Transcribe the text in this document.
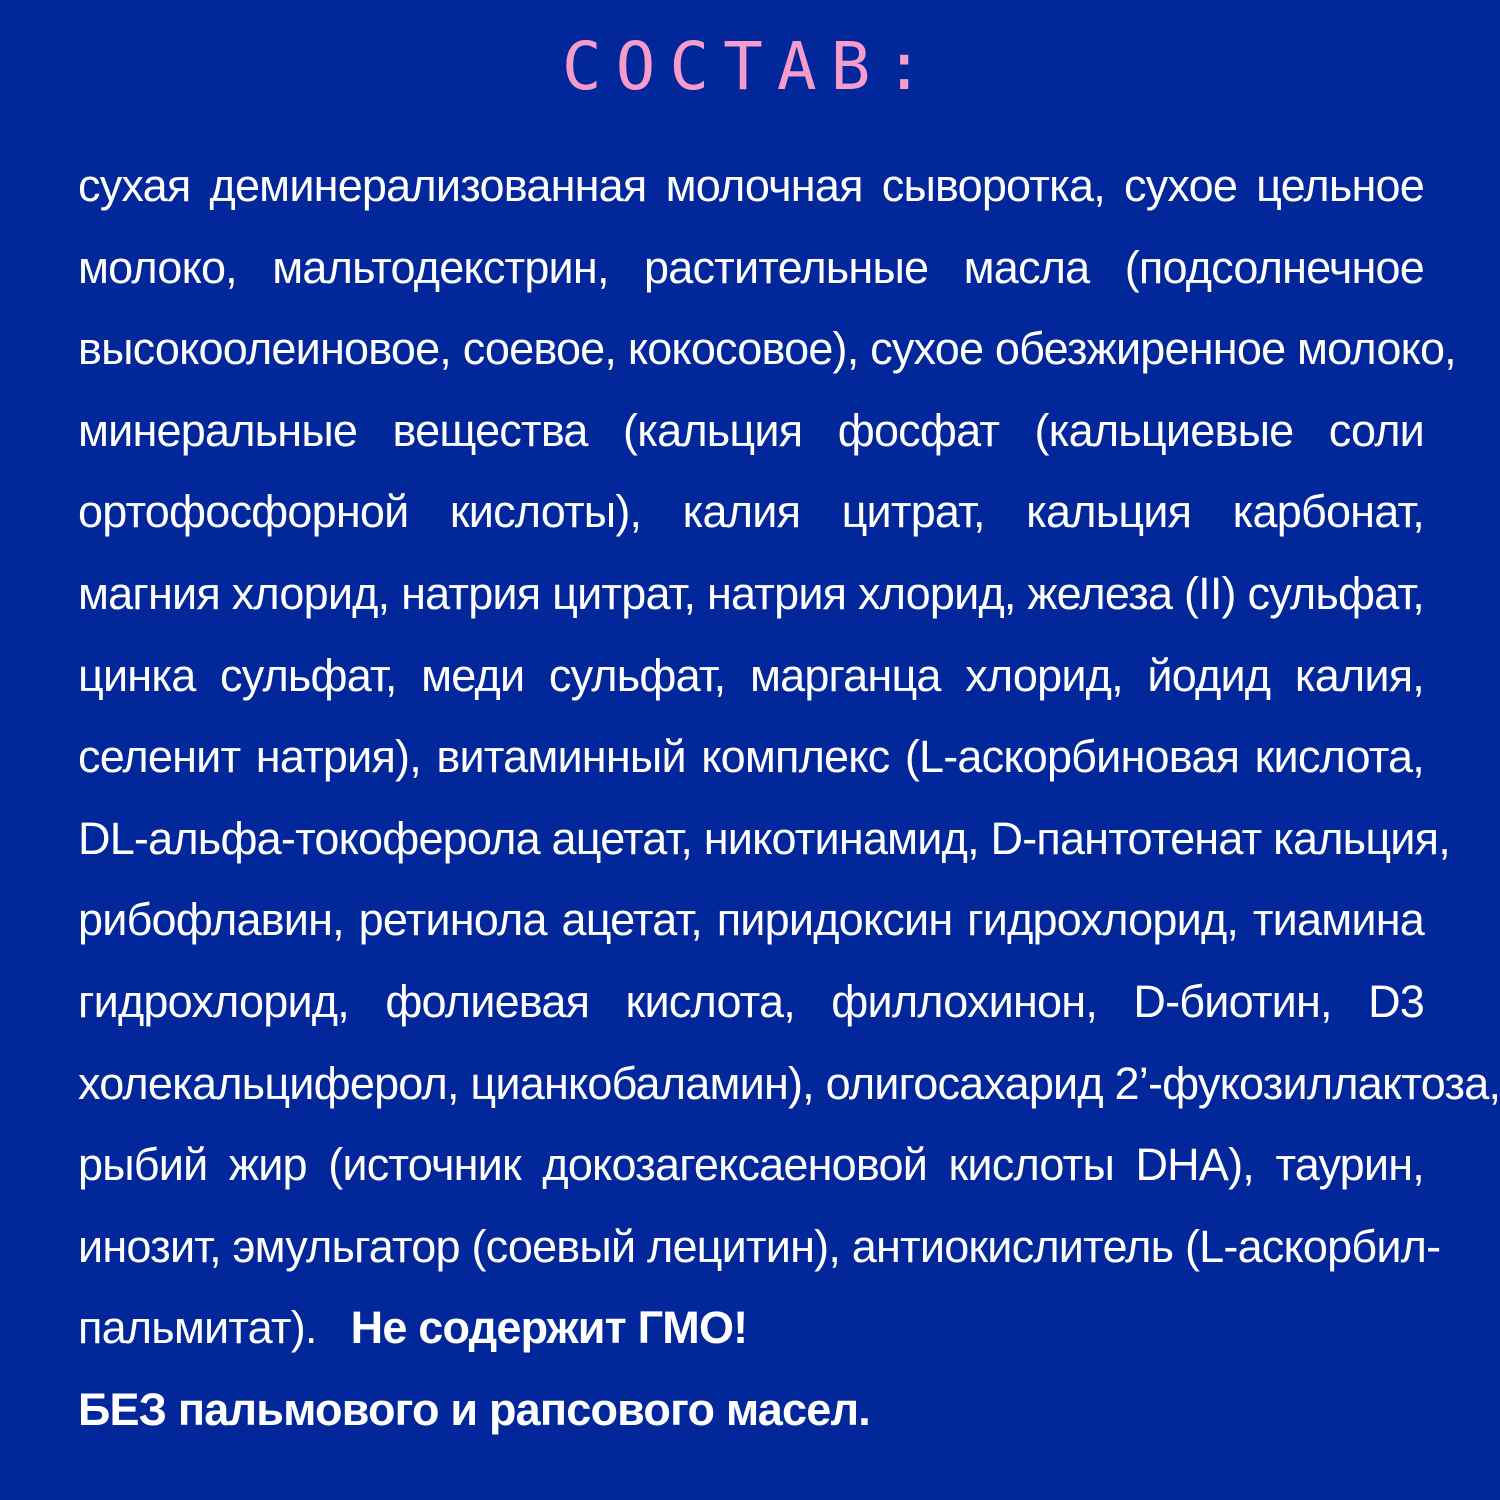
СОСТАВ:
сухая деминерализованная молочная сыворотка, сухое цельное
молоко, мальтодекстрин, растительные масла (подсолнечное
высокоолеиновое, соевое, кокосовое), сухое обезжиренное молоко,
минеральные вещества (кальция фосфат (кальциевые соли
ортофосфорной кислоты), калия цитрат, кальция карбонат,
магния хлорид, натрия цитрат, натрия хлорид, железа (II) сульфат,
цинка сульфат, меди сульфат, марганца хлорид, йодид калия,
селенит натрия), витаминный комплекс (L-аскорбиновая кислота,
DL-альфа-токоферола ацетат, никотинамид, D-пантотенат кальция,
рибофлавин, ретинола ацетат, пиридоксин гидрохлорид, тиамина
гидрохлорид, фолиевая кислота, филлохинон, D-биотин, D3
холекальциферол, цианкобаламин), олигосахарид 2’-фукозиллактоза,
рыбий жир (источник докозагексаеновой кислоты DHA), таурин,
инозит, эмульгатор (соевый лецитин), антиокислитель (L-аскорбил-
пальмитат). Не содержит ГМО!
БЕЗ пальмового и рапсового масел.
